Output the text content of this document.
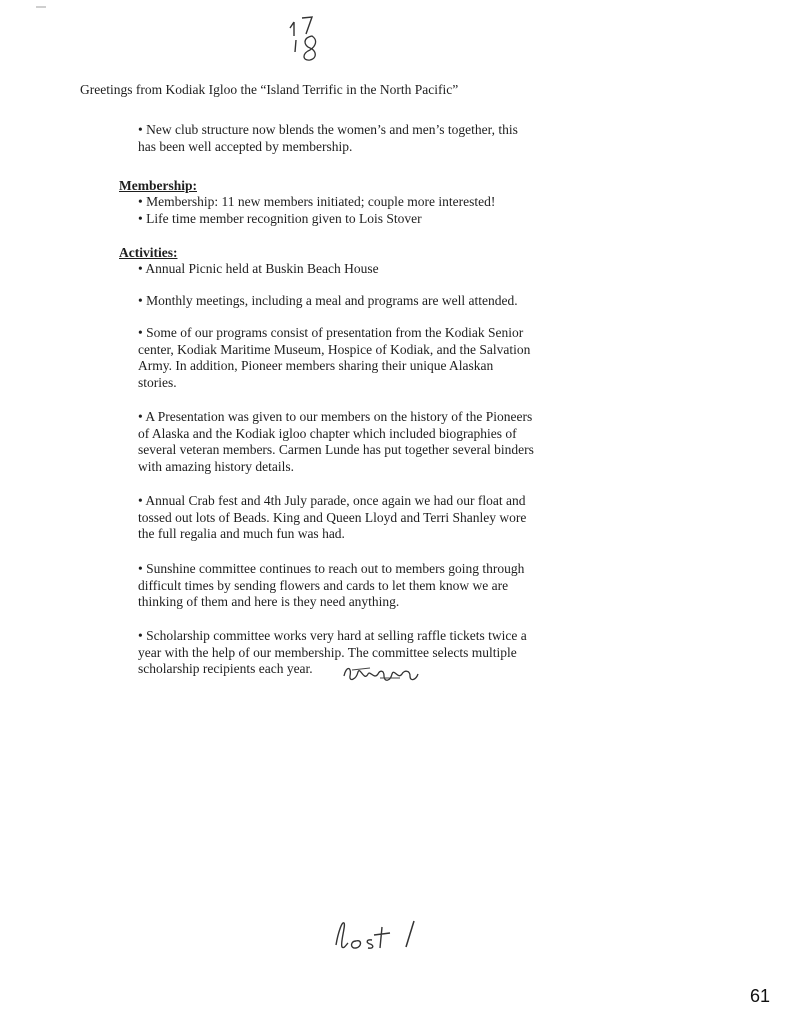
Greetings from Kodiak Igloo the “Island Terrific in the North Pacific”
• New club structure now blends the women’s and men’s together, this
has been well accepted by membership.
Membership:
• Membership: 11 new members initiated; couple more interested!
• Life time member recognition given to Lois Stover
Activities:
• Annual Picnic held at Buskin Beach House
• Monthly meetings, including a meal and programs are well attended.
• Some of our programs consist of presentation from the Kodiak Senior
center, Kodiak Maritime Museum, Hospice of Kodiak, and the Salvation
Army. In addition, Pioneer members sharing their unique Alaskan
stories.
• A Presentation was given to our members on the history of the Pioneers
of Alaska and the Kodiak igloo chapter which included biographies of
several veteran members. Carmen Lunde has put together several binders
with amazing history details.
• Annual Crab fest and 4th July parade, once again we had our float and
tossed out lots of Beads. King and Queen Lloyd and Terri Shanley wore
the full regalia and much fun was had.
• Sunshine committee continues to reach out to members going through
difficult times by sending flowers and cards to let them know we are
thinking of them and here is they need anything.
• Scholarship committee works very hard at selling raffle tickets twice a
year with the help of our membership. The committee selects multiple
scholarship recipients each year.
61
